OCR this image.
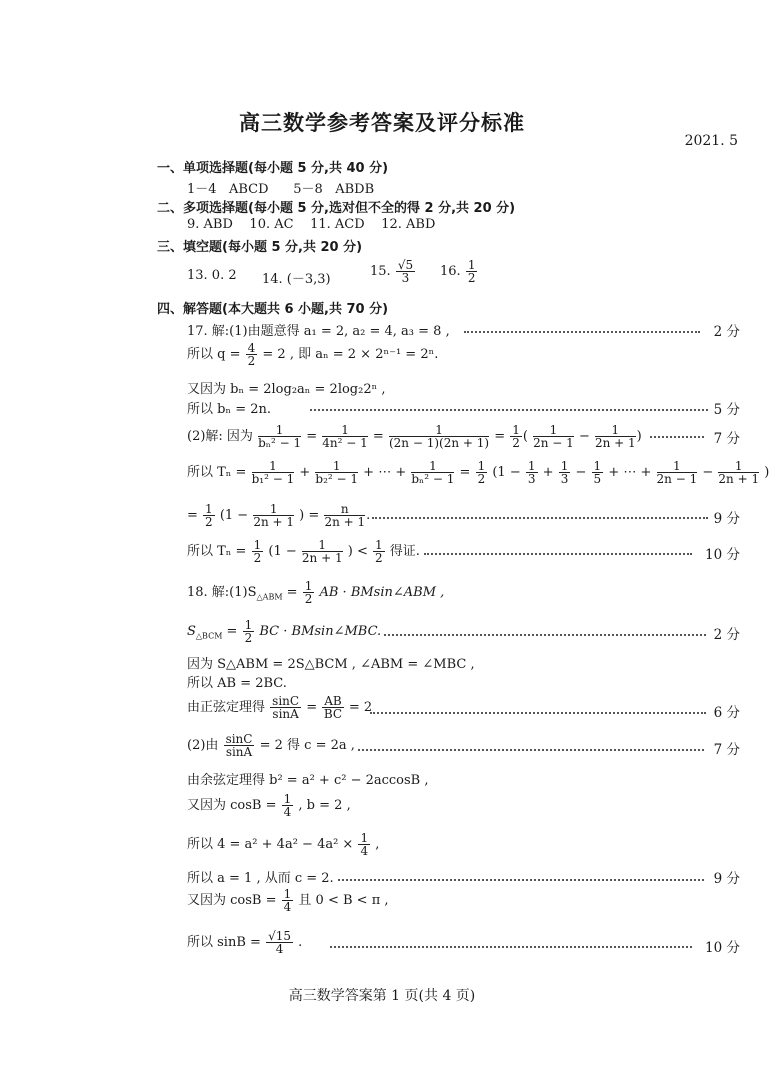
高三数学参考答案及评分标准
2021. 5
一、单项选择题(每小题 5 分,共 40 分)
1－4   ABCD      5－8   ABDB
二、多项选择题(每小题 5 分,选对但不全的得 2 分,共 20 分)
9. ABD    10. AC    11. ACD    12. ABD
三、填空题(每小题 5 分,共 20 分)
13. 0. 2 14. (－3,3)
15. $\frac{√5}{3} 16$. $\frac{1}{2}$
四、解答题(本大题共 6 小题,共 70 分)
17. 解:(1)由题意得 a₁ = 2, a₂ = 4, a₃ = 8 ,	2 分
所以 $q = \frac{4}{2} = 2$ , 即 aₙ = 2 × 2ⁿ⁻¹ = 2ⁿ.
又因为 bₙ = 2log₂aₙ = 2log₂2ⁿ ,
所以 bₙ = 2n.	5 分
(2)解: 因为 $\frac{1}{\text{bₙ² − 1}} = \frac{1}{\text{4n² − 1}} = \frac{1}{(2n - 1)(2n + 1)} = \frac{1}{2}$ ( $\frac{1}{2n - 1} - \frac{1}{2n + 1}$ )	7 分
所以 $T_n = \frac{1}{\text{b₁² − 1}} + \frac{1}{\text{b₂² − 1}}$ + ⋯ + $\frac{1}{\text{bₙ² − 1}} = \frac{1}{2} (1 - \frac{1}{3} + \frac{1}{3} - \frac{1}{5}$ + ⋯ + $\frac{1}{2n - 1} - \frac{1}{2n + 1}$ )
= $\frac{1}{2} (1 - \frac{1}{2n + 1}$ ) = $\frac{n}{2n + 1}$ .	9 分
所以 $T_n = \frac{1}{2} (1 - \frac{1}{2n + 1}$ ) < $\frac{1}{2}$ 得证.	10 分
18. 解$:(1)S_{\triangle ABM} = \frac{1}{2}$ AB · BMsin∠ABM ,
$S_{\triangle BCM} = \frac{1}{2}$ BC · BMsin∠MBC.	2 分
因为 S△ABM = 2S△BCM , ∠ABM = ∠MBC ,
所以 AB = 2BC.
由正弦定理得 $\frac{\sin C}{\sin A} = \frac{AB}{BC} = 2$	6 分
(2)由 $\frac{\sin C}{\sin A} = 2$ 得 c = 2a ,	7 分
由余弦定理得 b² = a² + c² − 2accosB ,
又因为 $\cos B = \frac{1}{4}$ , b = 2 ,
所以 $4 = a^2 + 4a^2 - 4a^2 \times \frac{1}{4}$ ,
所以 a = 1 , 从而 c = 2.	9 分
又因为 $\cos B = \frac{1}{4}$ 且 0 < B < π ,
所以 $\sin B = \frac{√15}{4}$ .	10 分
高三数学答案第 1 页(共 4 页)
